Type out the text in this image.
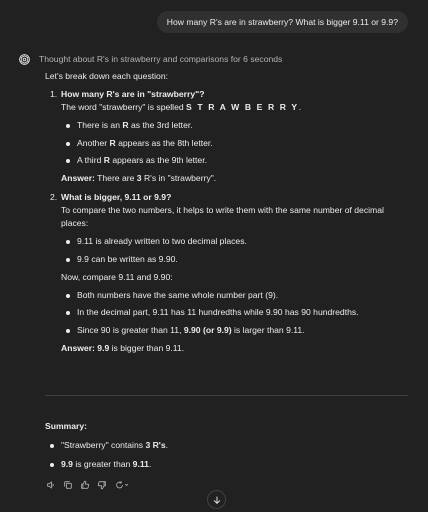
How many R's are in strawberry? What is bigger 9.11 or 9.9?
Thought about R's in strawberry and comparisons for 6 seconds

Let's break down each question:

1. How many R's are in "strawberry"?

The word "strawberry" is spelled S T R A W B E R R Y.

There is an R as the 3rd letter.
Another R appears as the 8th letter.
A third R appears as the 9th letter.

Answer: There are 3 R's in "strawberry".

2. What is bigger, 9.11 or 9.9?

To compare the two numbers, it helps to write them with the same number of decimal places:

9.11 is already written to two decimal places.
9.9 can be written as 9.90.

Now, compare 9.11 and 9.90:

Both numbers have the same whole number part (9).
In the decimal part, 9.11 has 11 hundredths while 9.90 has 90 hundredths.
Since 90 is greater than 11, 9.90 (or 9.9) is larger than 9.11.

Answer: 9.9 is bigger than 9.11.

Summary:

"Strawberry" contains 3 R's.
9.9 is greater than 9.11.
